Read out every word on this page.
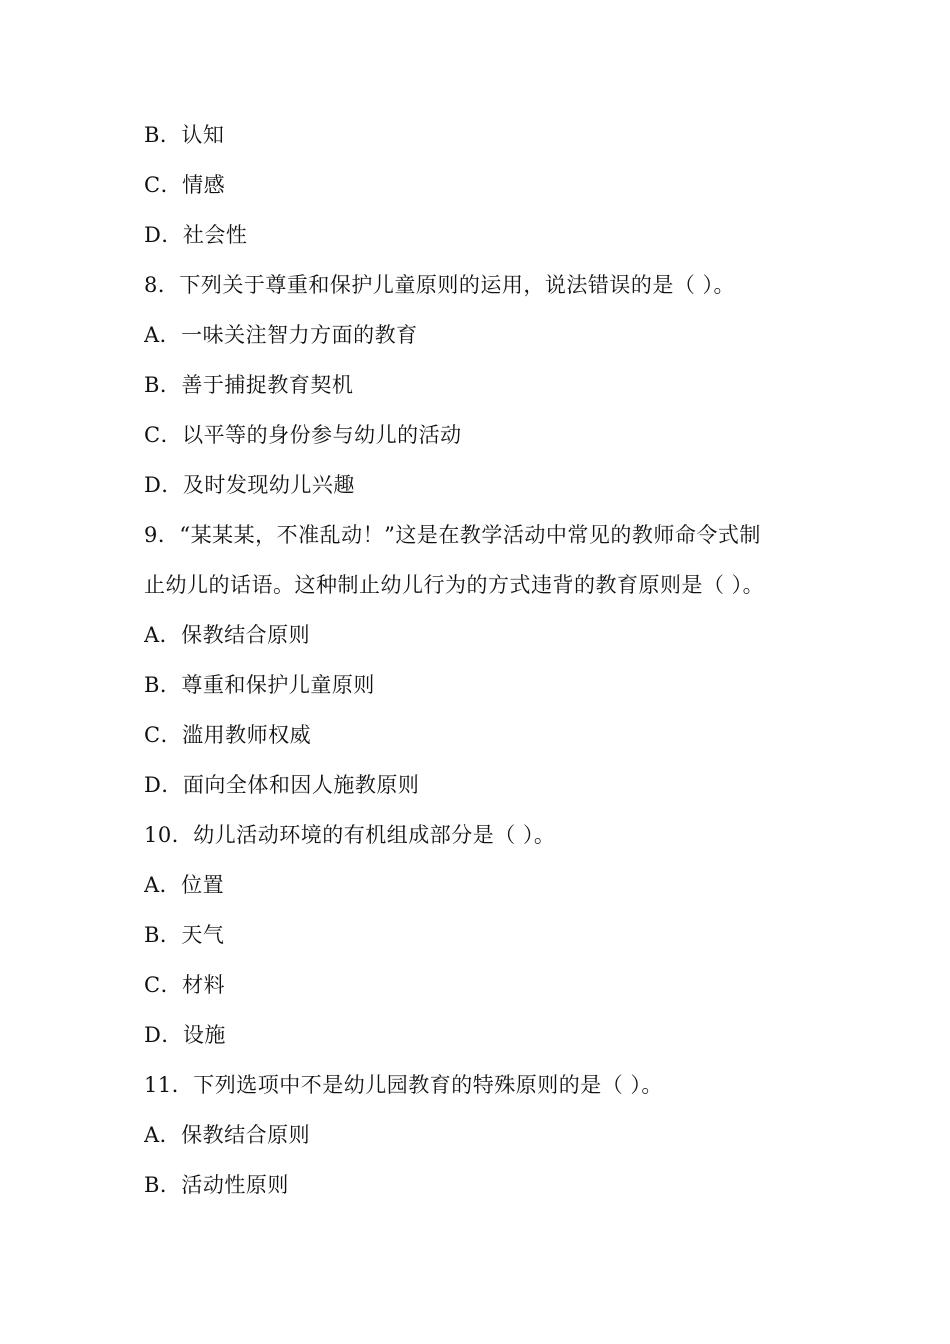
B．认知
C．情感
D．社会性
8．下列关于尊重和保护儿童原则的运用，说法错误的是（ ）。
A．一味关注智力方面的教育
B．善于捕捉教育契机
C．以平等的身份参与幼儿的活动
D．及时发现幼儿兴趣
9．“某某某，不准乱动！”这是在教学活动中常见的教师命令式制
止幼儿的话语。这种制止幼儿行为的方式违背的教育原则是（ ）。
A．保教结合原则
B．尊重和保护儿童原则
C．滥用教师权威
D．面向全体和因人施教原则
10．幼儿活动环境的有机组成部分是（ ）。
A．位置
B．天气
C．材料
D．设施
11．下列选项中不是幼儿园教育的特殊原则的是（ ）。
A．保教结合原则
B．活动性原则
